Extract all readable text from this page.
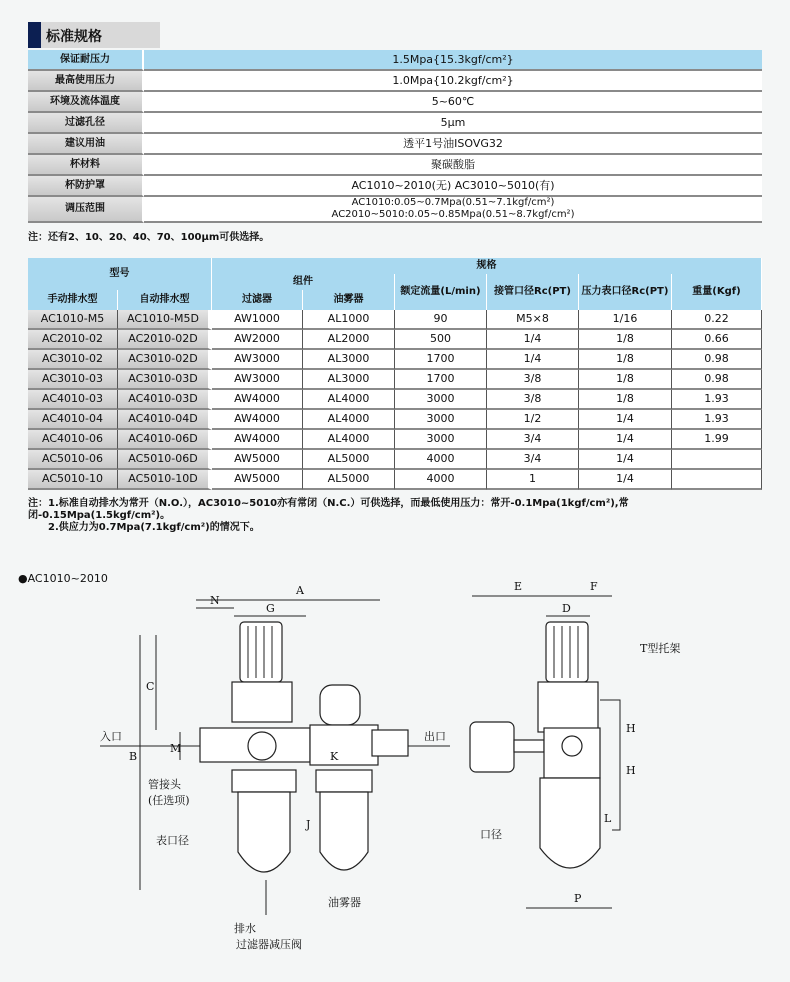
标准规格
保证耐压力	1.5Mpa{15.3kgf/cm²}
最高使用压力	1.0Mpa{10.2kgf/cm²}
环境及流体温度	5~60℃
过滤孔径	5μm
建议用油	透平1号油ISOVG32
杯材料	聚碳酸脂
杯防护罩	AC1010~2010(无) AC3010~5010(有)
调压范围	AC1010:0.05~0.7Mpa(0.51~7.1kgf/cm²)
AC2010~5010:0.05~0.85Mpa(0.51~8.7kgf/cm²)
注：还有2、10、20、40、70、100μm可供选择。
型号		规格					
		组件		额定流量(L/min)	接管口径Rc(PT)	压力表口径Rc(PT)	重量(Kgf)
手动排水型	自动排水型	过滤器	油雾器				
AC1010-M5	AC1010-M5D	AW1000	AL1000	90	M5×8	1/16	0.22
AC2010-02	AC2010-02D	AW2000	AL2000	500	1/4	1/8	0.66
AC3010-02	AC3010-02D	AW3000	AL3000	1700	1/4	1/8	0.98
AC3010-03	AC3010-03D	AW3000	AL3000	1700	3/8	1/8	0.98
AC4010-03	AC4010-03D	AW4000	AL4000	3000	3/8	1/8	1.93
AC4010-04	AC4010-04D	AW4000	AL4000	3000	1/2	1/4	1.93
AC4010-06	AC4010-06D	AW4000	AL4000	3000	3/4	1/4	1.99
AC5010-06	AC5010-06D	AW5000	AL5000	4000	3/4	1/4	
AC5010-10	AC5010-10D	AW5000	AL5000	4000	1	1/4	
注：1.标准自动排水为常开（N.O.），AC3010~5010亦有常闭（N.C.）可供选择，而最低使用压力：常开-0.1Mpa(1kgf/cm²),常闭-0.15Mpa(1.5kgf/cm²)。
2.供应力为0.7Mpa(7.1kgf/cm²)的情况下。
●AC1010~2010
A
N
G
B
C
M
入口	出口
K
J
管接头
(任选项)
表口径
排水
过滤器减压阀
油雾器
E	F
D
P
T型托架
H
H
L
口径
